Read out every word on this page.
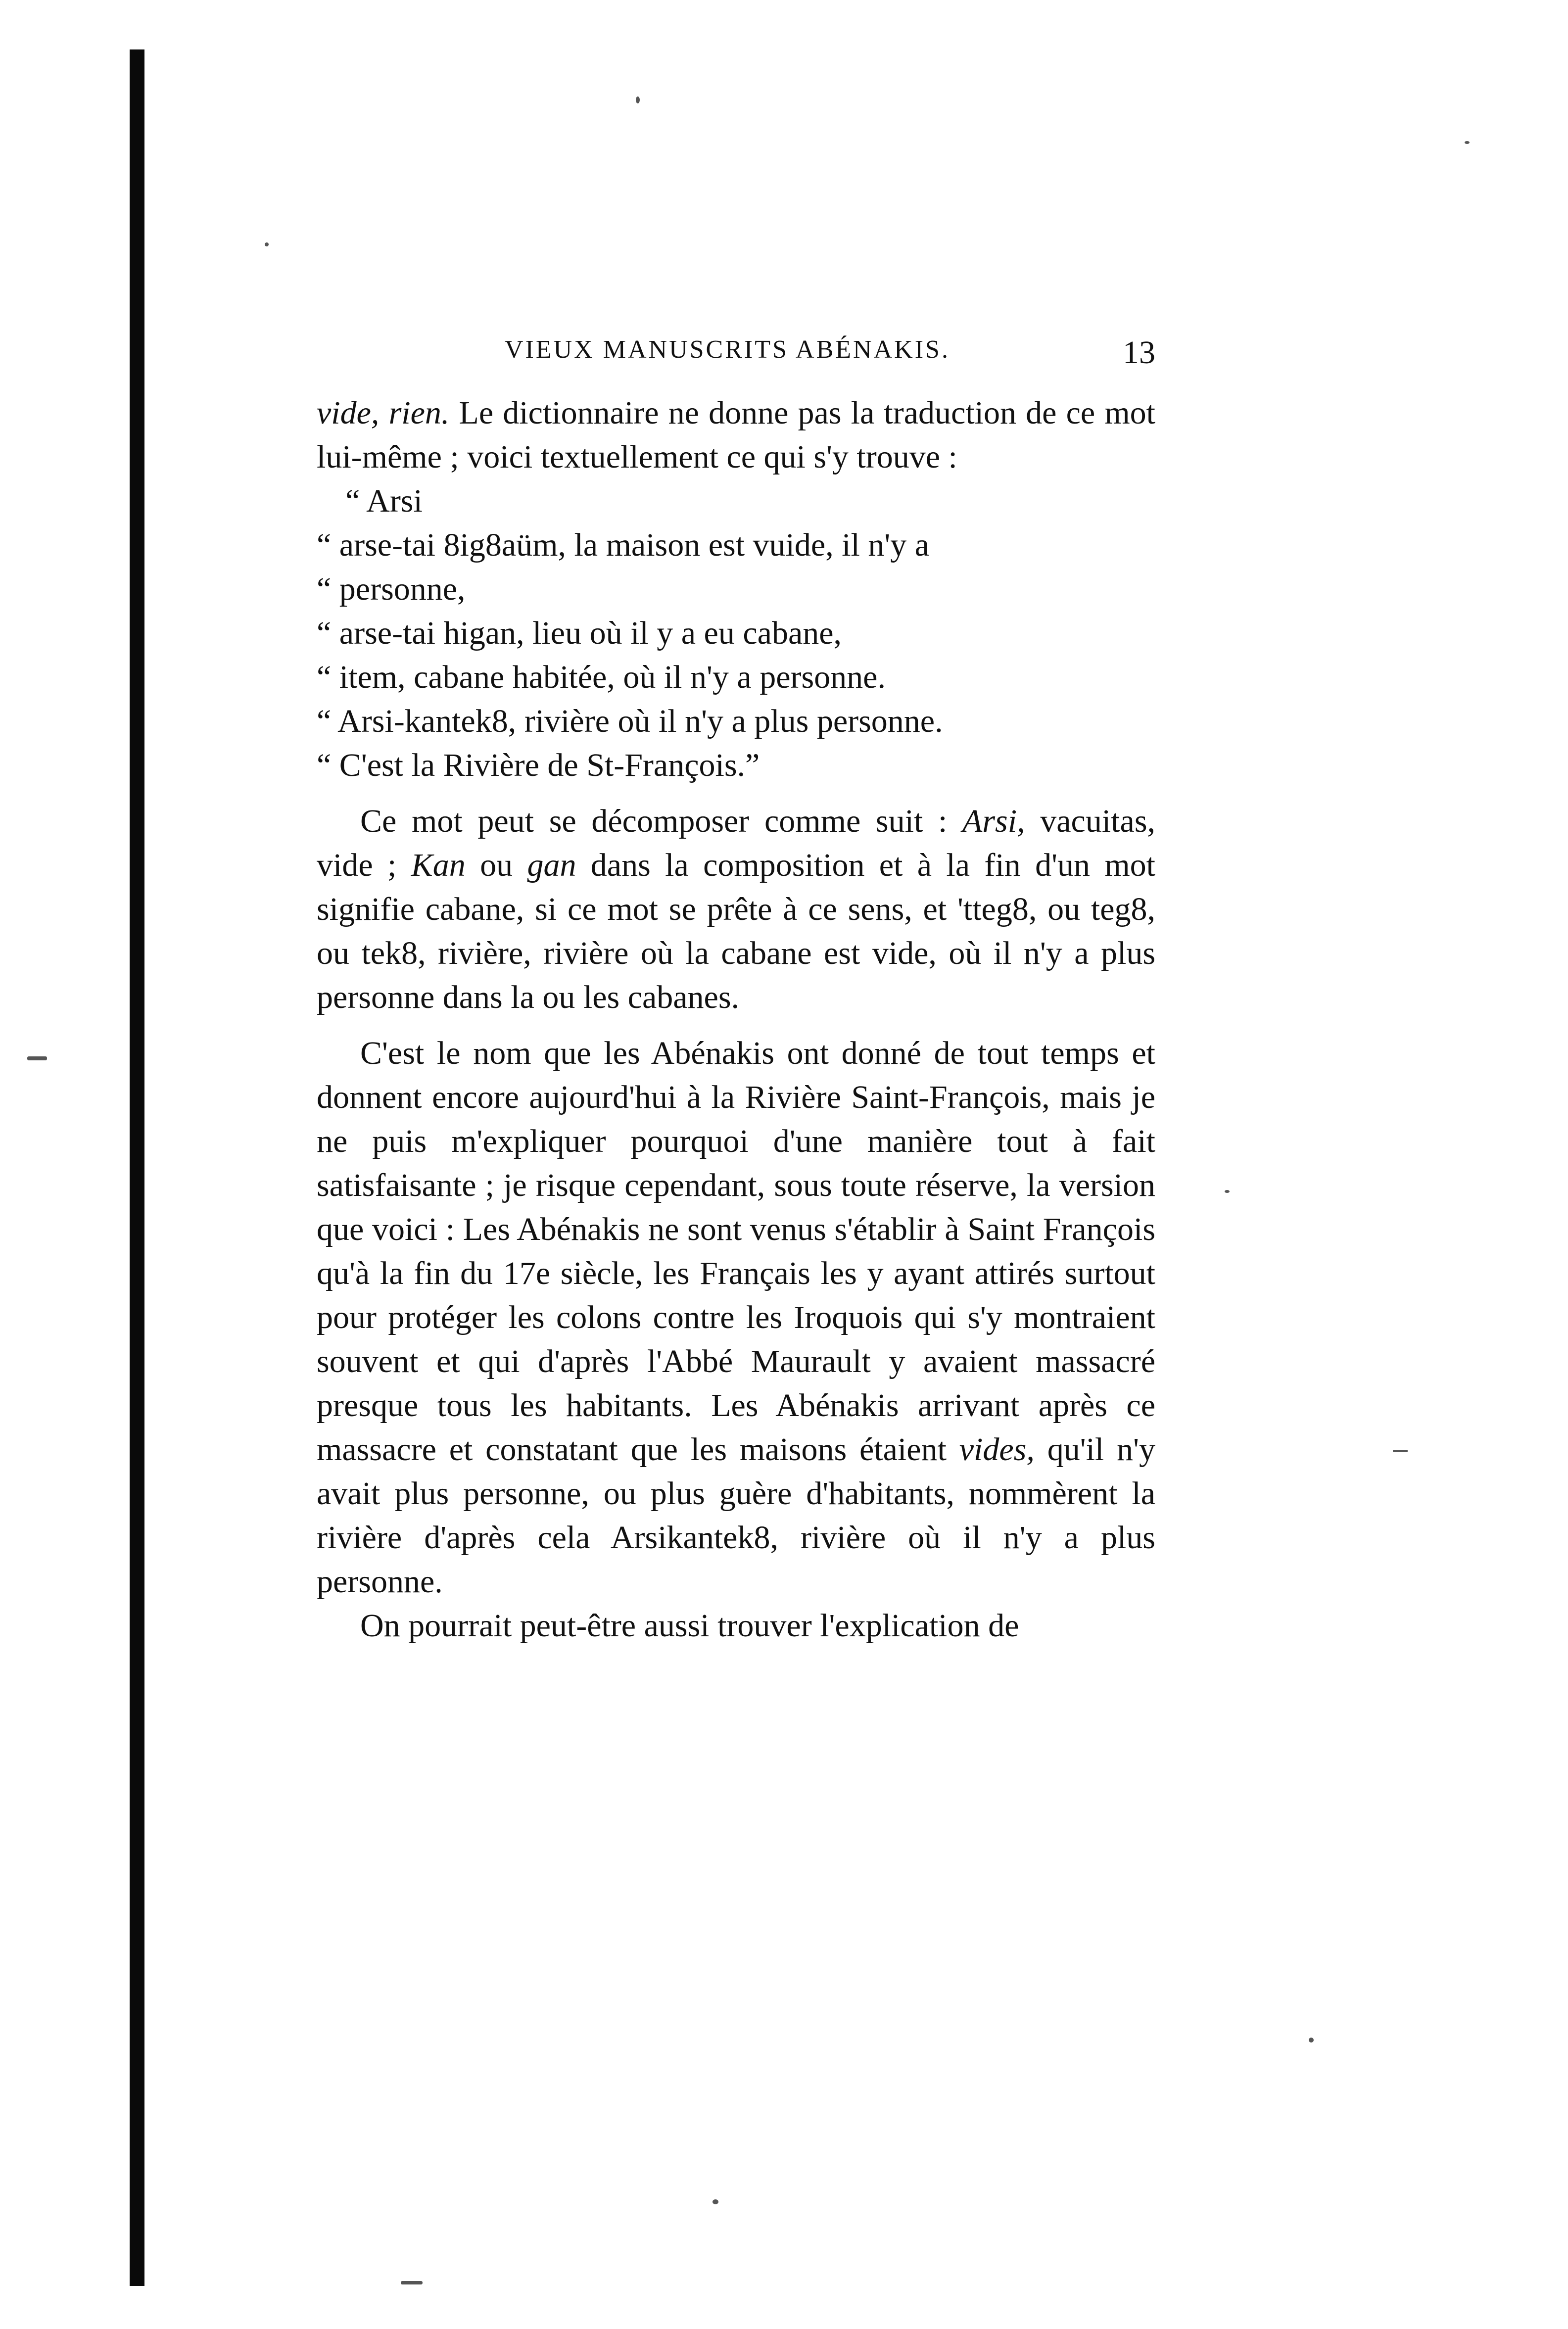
VIEUX MANUSCRITS ABÉNAKIS.	13

vide, rien. Le dictionnaire ne donne pas la traduction de ce mot lui-même ; voici textuellement ce qui s'y trouve :

“ Arsi

“ arse-tai 8ig8aüm, la maison est vuide, il n'y a

“ personne,

“ arse-tai higan, lieu où il y a eu cabane,

“ item, cabane habitée, où il n'y a personne.

“ Arsi-kantek8, rivière où il n'y a plus personne.

“ C'est la Rivière de St-François.”

Ce mot peut se décomposer comme suit : Arsi, vacuitas, vide ; Kan ou gan dans la composition et à la fin d'un mot signifie cabane, si ce mot se prête à ce sens, et 'tteg8, ou teg8, ou tek8, rivière, rivière où la cabane est vide, où il n'y a plus personne dans la ou les cabanes.

C'est le nom que les Abénakis ont donné de tout temps et donnent encore aujourd'hui à la Rivière Saint-François, mais je ne puis m'expliquer pourquoi d'une manière tout à fait satisfaisante ; je risque cependant, sous toute réserve, la version que voici : Les Abénakis ne sont venus s'établir à Saint François qu'à la fin du 17e siècle, les Français les y ayant attirés surtout pour protéger les colons contre les Iroquois qui s'y montraient souvent et qui d'après l'Abbé Maurault y avaient massacré presque tous les habitants. Les Abénakis arrivant après ce massacre et constatant que les maisons étaient vides, qu'il n'y avait plus personne, ou plus guère d'habitants, nommèrent la rivière d'après cela Arsikantek8, rivière où il n'y a plus personne.

On pourrait peut-être aussi trouver l'explication de
